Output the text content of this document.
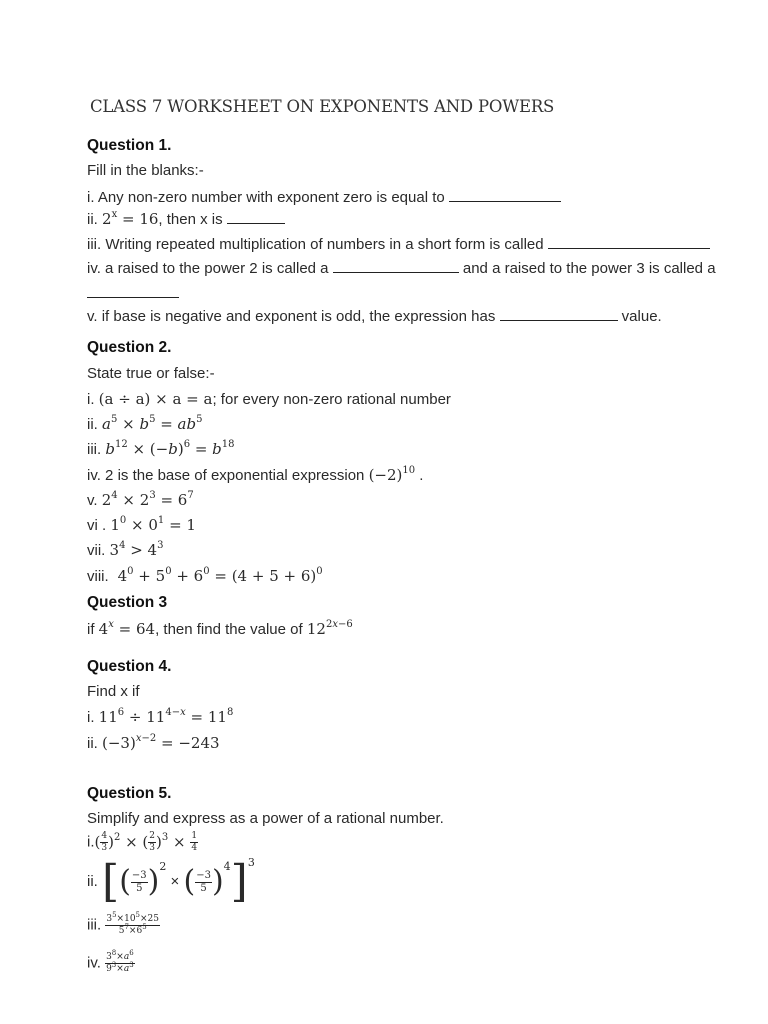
CLASS 7 WORKSHEET ON EXPONENTS AND POWERS
Question 1.
Fill in the blanks:-
i. Any non-zero number with exponent zero is equal to
ii. $2^x = 16$, then x is
iii. Writing repeated multiplication of numbers in a short form is called
iv. a raised to the power 2 is called a	and a raised to the power 3 is called a
v. if base is negative and exponent is odd, the expression has	value.
Question 2.
State true or false:-
i. (a ÷ a) × a = a; for every non-zero rational number
ii. $a^5 \times b^5 = ab^5$
iii. $b^{12} \times (-b)^6 = b^{18}$
iv. 2 is the base of exponential expression $(-2)^{10}$ .
v. $2^4 \times 2^3 = 6^7$
vi . $1^0 \times 0^1 = 1$
vii. $3^4 > 4^3$
viii.  $4^0 + 5^0 + 6^0 = (4 + 5 + 6)^0$
Question 3
if $4^x = 64$, then find the value of $12^{2x-6}$
Question 4.
Find x if
i. $11^6 \div 11^{4-x} = 11^8$
ii. $(-3)^{x-2} = -243$
Question 5.
Simplify and express as a power of a rational number.
$i.( \frac{4}{3} )^2$ × ( $\frac{2}{3} )^3 \times \frac{1}{4}$
ii. [( $\frac{-3}{5} )^2$ × ( $\frac{-3}{5} )^4]^3$
iii. $\frac{3^5\times 10^5\times 25}{5^7\times 6^5}$
iv. $\frac{3^8\times a^6}{9^3\times a^3}$
